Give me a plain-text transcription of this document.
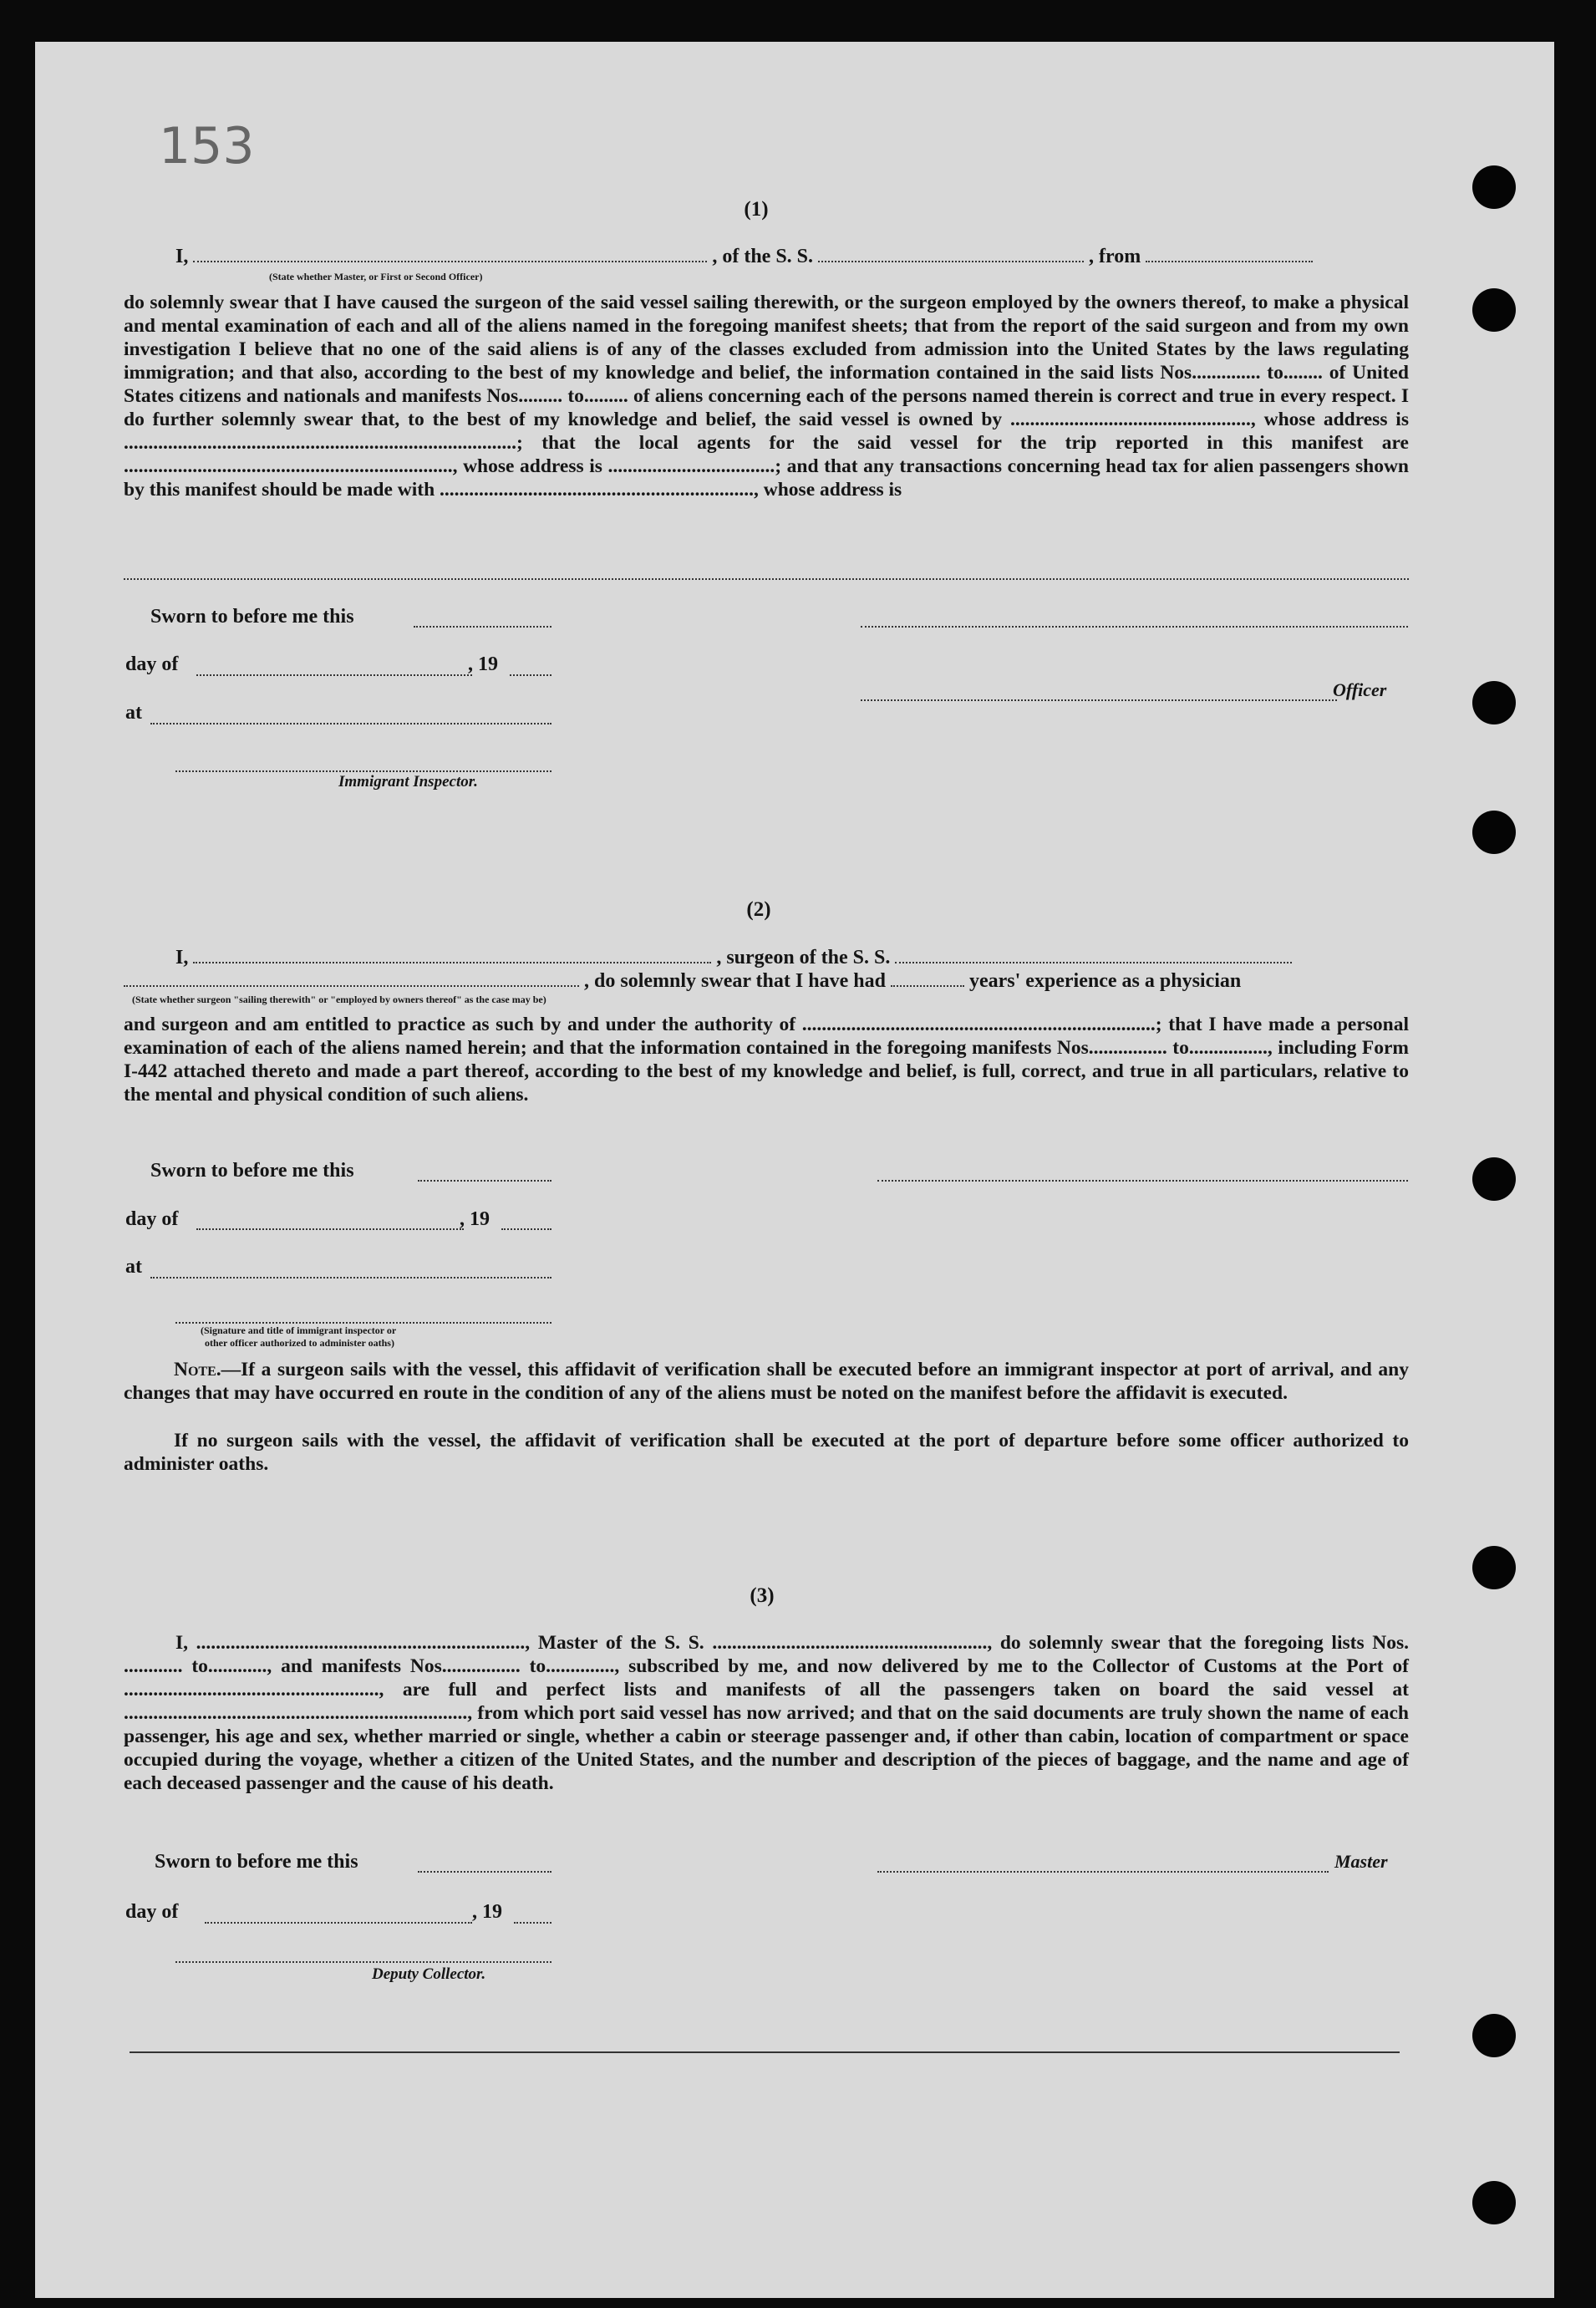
153
(1)
I,	, of the S. S.	, from
(State whether Master, or First or Second Officer)
do solemnly swear that I have caused the surgeon of the said vessel sailing therewith, or the surgeon employed by the owners thereof, to make a physical and mental examination of each and all of the aliens named in the foregoing manifest sheets; that from the report of the said surgeon and from my own investigation I believe that no one of the said aliens is of any of the classes excluded from admission into the United States by the laws regulating immigration; and that also, according to the best of my knowledge and belief, the information contained in the said lists Nos.............. to........ of United States citizens and nationals and manifests Nos......... to......... of aliens concerning each of the persons named therein is correct and true in every respect. I do further solemnly swear that, to the best of my knowledge and belief, the said vessel is owned by ................................................., whose address is ................................................................................; that the local agents for the said vessel for the trip reported in this manifest are ..................................................................., whose address is ..................................; and that any transactions concerning head tax for alien passengers shown by this manifest should be made with ................................................................, whose address is
Sworn to before me this
day of	, 19
Officer
at
Immigrant Inspector.
(2)
I,	, surgeon of the S. S.
, do solemnly swear that I have had	years' experience as a physician
(State whether surgeon "sailing therewith" or "employed by owners thereof" as the case may be)
and surgeon and am entitled to practice as such by and under the authority of ........................................................................; that I have made a personal examination of each of the aliens named herein; and that the information contained in the foregoing manifests Nos................ to................, including Form I-442 attached thereto and made a part thereof, according to the best of my knowledge and belief, is full, correct, and true in all particulars, relative to the mental and physical condition of such aliens.
Sworn to before me this
day of	, 19
at
(Signature and title of immigrant inspector or
other officer authorized to administer oaths)
Note.—If a surgeon sails with the vessel, this affidavit of verification shall be executed before an immigrant inspector at port of arrival, and any changes that may have occurred en route in the condition of any of the aliens must be noted on the manifest before the affidavit is executed.
If no surgeon sails with the vessel, the affidavit of verification shall be executed at the port of departure before some officer authorized to administer oaths.
(3)
I, ..................................................................., Master of the S. S. ........................................................, do solemnly swear that the foregoing lists Nos. ............ to............, and manifests Nos................ to.............., subscribed by me, and now delivered by me to the Collector of Customs at the Port of ...................................................., are full and perfect lists and manifests of all the passengers taken on board the said vessel at ......................................................................, from which port said vessel has now arrived; and that on the said documents are truly shown the name of each passenger, his age and sex, whether married or single, whether a cabin or steerage passenger and, if other than cabin, location of compartment or space occupied during the voyage, whether a citizen of the United States, and the number and description of the pieces of baggage, and the name and age of each deceased passenger and the cause of his death.
Sworn to before me this	Master
day of	, 19
Deputy Collector.
